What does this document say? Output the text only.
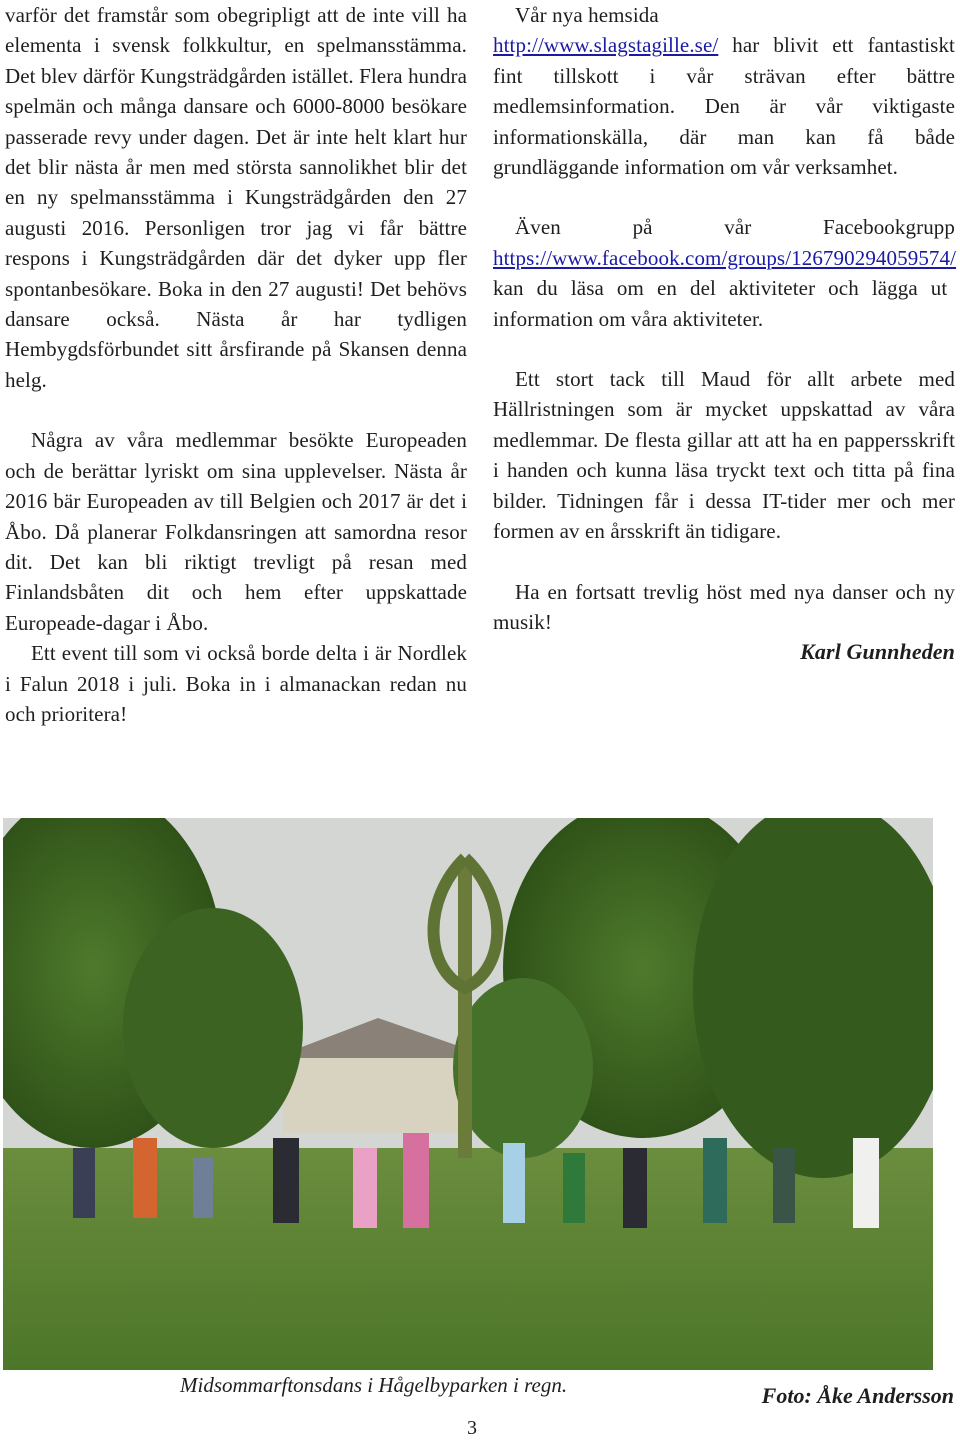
varför det framstår som obegripligt att de inte vill ha elementa i svensk folkkultur, en spelmansstämma. Det blev därför Kungsträdgården istället. Flera hundra spelmän och många dansare och 6000-8000 besökare passerade revy under dagen. Det är inte helt klart hur det blir nästa år men med största sannolikhet blir det en ny spelmansstämma i Kungsträdgården den 27 augusti 2016. Personligen tror jag vi får bättre respons i Kungsträdgården där det dyker upp fler spontanbesökare. Boka in den 27 augusti! Det behövs dansare också. Nästa år har tydligen Hembygdsförbundet sitt årsfirande på Skansen denna helg.

Några av våra medlemmar besökte Europeaden och de berättar lyriskt om sina upplevelser. Nästa år 2016 bär Europeaden av till Belgien och 2017 är det i Åbo. Då planerar Folkdansringen att samordna resor dit. Det kan bli riktigt trevligt på resan med Finlandsbåten dit och hem efter uppskattade Europeade-dagar i Åbo.

Ett event till som vi också borde delta i är Nordlek i Falun 2018 i juli. Boka in i almanackan redan nu och prioritera!

Vår nya hemsida

http://www.slagstagille.se/ har blivit ett fantastiskt fint tillskott i vår strävan efter bättre medlemsinformation. Den är vår viktigaste informationskälla, där man kan få både grundläggande information om vår verksamhet.

Även på vår Facebookgrupp https://www.facebook.com/groups/126790294059574/ kan du läsa om en del aktiviteter och lägga ut information om våra aktiviteter.

Ett stort tack till Maud för allt arbete med Hällristningen som är mycket uppskattad av våra medlemmar. De flesta gillar att att ha en pappersskrift i handen och kunna läsa tryckt text och titta på fina bilder. Tidningen får i dessa IT-tider mer och mer formen av en årsskrift än tidigare.

Ha en fortsatt trevlig höst med nya danser och ny musik!

Karl Gunnheden

Midsommarftonsdans i Hågelbyparken i regn.	Foto: Åke Andersson
3
